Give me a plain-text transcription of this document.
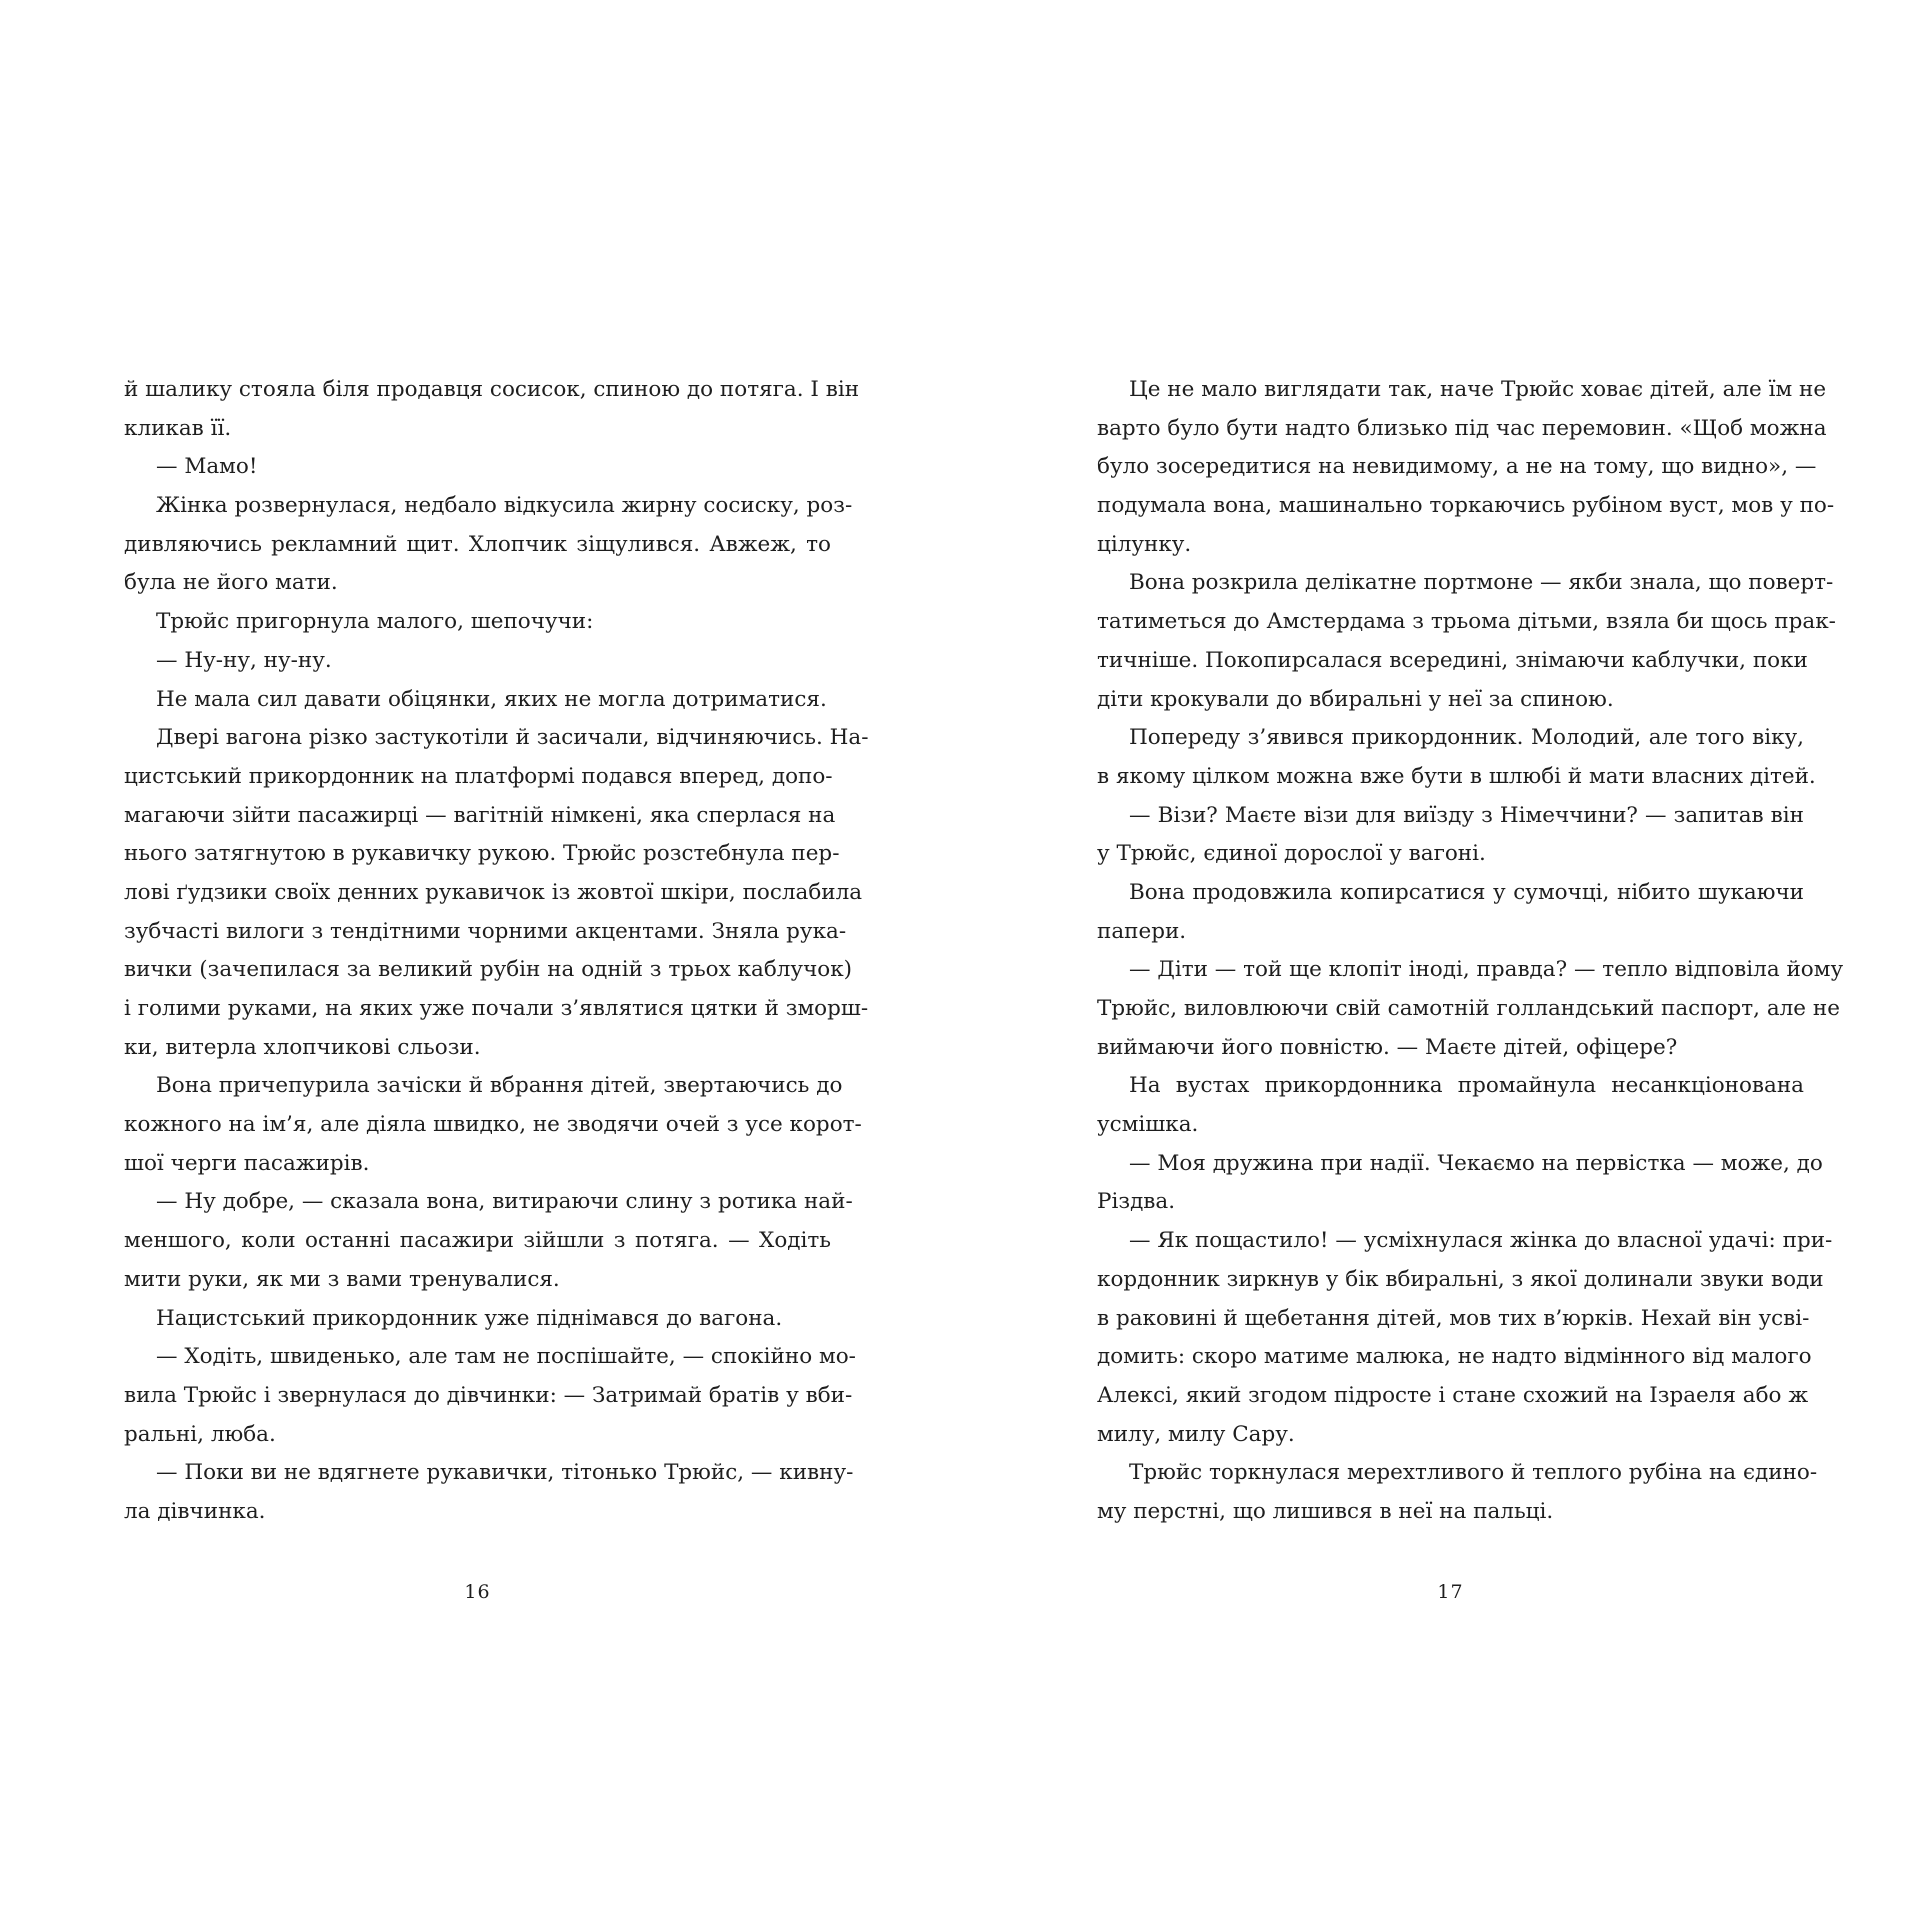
й шалику стояла біля продавця сосисок, спиною до потяга. І він
кликав її.
— Мамо!
Жінка розвернулася, недбало відкусила жирну сосиску, роз-
дивляючись рекламний щит. Хлопчик зіщулився. Авжеж, то
була не його мати.
Трюйс пригорнула малого, шепочучи:
— Ну-ну, ну-ну.
Не мала сил давати обіцянки, яких не могла дотриматися.
Двері вагона різко застукотіли й засичали, відчиняючись. На-
цистський прикордонник на платформі подався вперед, допо-
магаючи зійти пасажирці — вагітній німкені, яка сперлася на
нього затягнутою в рукавичку рукою. Трюйс розстебнула пер-
лові ґудзики своїх денних рукавичок із жовтої шкіри, послабила
зубчасті вилоги з тендітними чорними акцентами. Зняла рука-
вички (зачепилася за великий рубін на одній з трьох каблучок)
і голими руками, на яких уже почали з’являтися цятки й зморш-
ки, витерла хлопчикові сльози.
Вона причепурила зачіски й вбрання дітей, звертаючись до
кожного на ім’я, але діяла швидко, не зводячи очей з усе корот-
шої черги пасажирів.
— Ну добре, — сказала вона, витираючи слину з ротика най-
меншого, коли останні пасажири зійшли з потяга. — Ходіть
мити руки, як ми з вами тренувалися.
Нацистський прикордонник уже піднімався до вагона.
— Ходіть, швиденько, але там не поспішайте, — спокійно мо-
вила Трюйс і звернулася до дівчинки: — Затримай братів у вби-
ральні, люба.
— Поки ви не вдягнете рукавички, тітонько Трюйс, — кивну-
ла дівчинка.
16
Це не мало виглядати так, наче Трюйс ховає дітей, але їм не
варто було бути надто близько під час перемовин. «Щоб можна
було зосередитися на невидимому, а не на тому, що видно», —
подумала вона, машинально торкаючись рубіном вуст, мов у по-
цілунку.
Вона розкрила делікатне портмоне — якби знала, що поверт-
татиметься до Амстердама з трьома дітьми, взяла би щось прак-
тичніше. Покопирсалася всередині, знімаючи каблучки, поки
діти крокували до вбиральні у неї за спиною.
Попереду з’явився прикордонник. Молодий, але того віку,
в якому цілком можна вже бути в шлюбі й мати власних дітей.
— Візи? Маєте візи для виїзду з Німеччини? — запитав він
у Трюйс, єдиної дорослої у вагоні.
Вона продовжила копирсатися у сумочці, нібито шукаючи
папери.
— Діти — той ще клопіт іноді, правда? — тепло відповіла йому
Трюйс, виловлюючи свій самотній голландський паспорт, але не
виймаючи його повністю. — Маєте дітей, офіцере?
На вустах прикордонника промайнула несанкціонована
усмішка.
— Моя дружина при надії. Чекаємо на первістка — може, до
Різдва.
— Як пощастило! — усміхнулася жінка до власної удачі: при-
кордонник зиркнув у бік вбиральні, з якої долинали звуки води
в раковині й щебетання дітей, мов тих в’юрків. Нехай він усві-
домить: скоро матиме малюка, не надто відмінного від малого
Алексі, який згодом підросте і стане схожий на Ізраеля або ж
милу, милу Сару.
Трюйс торкнулася мерехтливого й теплого рубіна на єдино-
му перстні, що лишився в неї на пальці.
17
